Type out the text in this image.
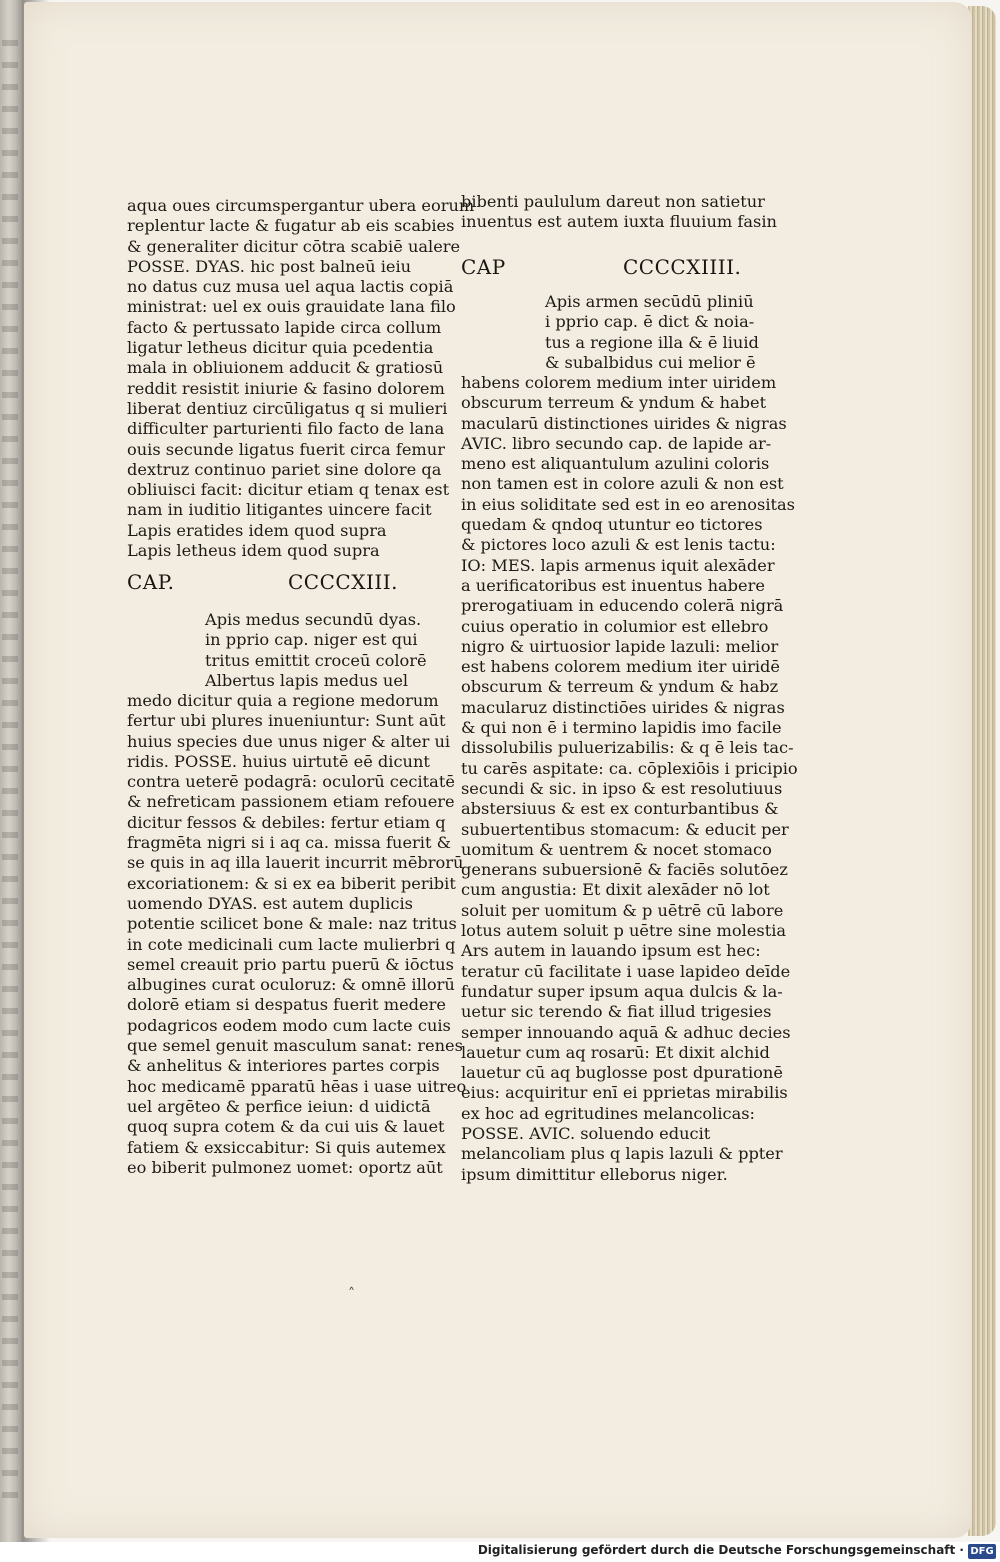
aqua oues circumspergantur ubera eorum
replentur lacte & fugatur ab eis scabies
& generaliter dicitur cōtra scabiē ualere
POSSE. DYAS. hic post balneū ieiu
no datus cuz musa uel aqua lactis copiā
ministrat: uel ex ouis grauidate lana filo
facto & pertussato lapide circa collum
ligatur letheus dicitur quia pcedentia
mala in obliuionem adducit & gratiosū
reddit resistit iniurie & fasino dolorem
liberat dentiuz circūligatus q si mulieri
difficulter parturienti filo facto de lana
ouis secunde ligatus fuerit circa femur
dextruz continuo pariet sine dolore qa
obliuisci facit: dicitur etiam q tenax est
nam in iuditio litigantes uincere facit
Lapis eratides idem quod supra
Lapis letheus idem quod supra
CAP.	CCCCXIII.
Apis medus secundū dyas.
in pprio cap. niger est qui
tritus emittit croceū colorē
Albertus lapis medus uel
medo dicitur quia a regione medorum
fertur ubi plures inueniuntur: Sunt aūt
huius species due unus niger & alter ui
ridis. POSSE. huius uirtutē eē dicunt
contra ueterē podagrā: oculorū cecitatē
& nefreticam passionem etiam refouere
dicitur fessos & debiles: fertur etiam q
fragmēta nigri si i aq ca. missa fuerit &
se quis in aq illa lauerit incurrit mēbrorū
excoriationem: & si ex ea biberit peribit
uomendo DYAS. est autem duplicis
potentie scilicet bone & male: naz tritus
in cote medicinali cum lacte mulierbri q
semel creauit prio partu puerū & iōctus
albugines curat oculoruz: & omnē illorū
dolorē etiam si despatus fuerit medere
podagricos eodem modo cum lacte cuis
que semel genuit masculum sanat: renes
& anhelitus & interiores partes corpis
hoc medicamē pparatū hēas i uase uitreo
uel argēteo & perfice ieiun: d uidictā
quoq supra cotem & da cui uis & lauet
fatiem & exsiccabitur: Si quis autemex
eo biberit pulmonez uomet: oportz aūt
bibenti paululum dareut non satietur
inuentus est autem iuxta fluuium fasin
CAP	CCCCXIIII.
Apis armen secūdū pliniū
i pprio cap. ē dict & noia-
tus a regione illa & ē liuid
& subalbidus cui melior ē
habens colorem medium inter uiridem
obscurum terreum & yndum & habet
macularū distinctiones uirides & nigras
AVIC. libro secundo cap. de lapide ar-
meno est aliquantulum azulini coloris
non tamen est in colore azuli & non est
in eius soliditate sed est in eo arenositas
quedam & qndoq utuntur eo tictores
& pictores loco azuli & est lenis tactu:
IO: MES. lapis armenus iquit alexāder
a uerificatoribus est inuentus habere
prerogatiuam in educendo colerā nigrā
cuius operatio in columior est ellebro
nigro & uirtuosior lapide lazuli: melior
est habens colorem medium iter uiridē
obscurum & terreum & yndum & habz
macularuz distinctiōes uirides & nigras
& qui non ē i termino lapidis imo facile
dissolubilis puluerizabilis: & q ē leis tac-
tu carēs aspitate: ca. cōplexiōis i pricipio
secundi & sic. in ipso & est resolutiuus
abstersiuus & est ex conturbantibus &
subuertentibus stomacum: & educit per
uomitum & uentrem & nocet stomaco
generans subuersionē & faciēs solutōez
cum angustia: Et dixit alexāder nō lot
soluit per uomitum & p uētrē cū labore
lotus autem soluit p uētre sine molestia
Ars autem in lauando ipsum est hec:
teratur cū facilitate i uase lapideo deīde
fundatur super ipsum aqua dulcis & la-
uetur sic terendo & fiat illud trigesies
semper innouando aquā & adhuc decies
lauetur cum aq rosarū: Et dixit alchid
lauetur cū aq buglosse post dpurationē
eius: acquiritur enī ei pprietas mirabilis
ex hoc ad egritudines melancolicas:
POSSE. AVIC. soluendo educit
melancoliam plus q lapis lazuli & ppter
ipsum dimittitur elleborus niger.
˄
Digitalisierung gefördert durch die Deutsche Forschungsgemeinschaft · DFG
